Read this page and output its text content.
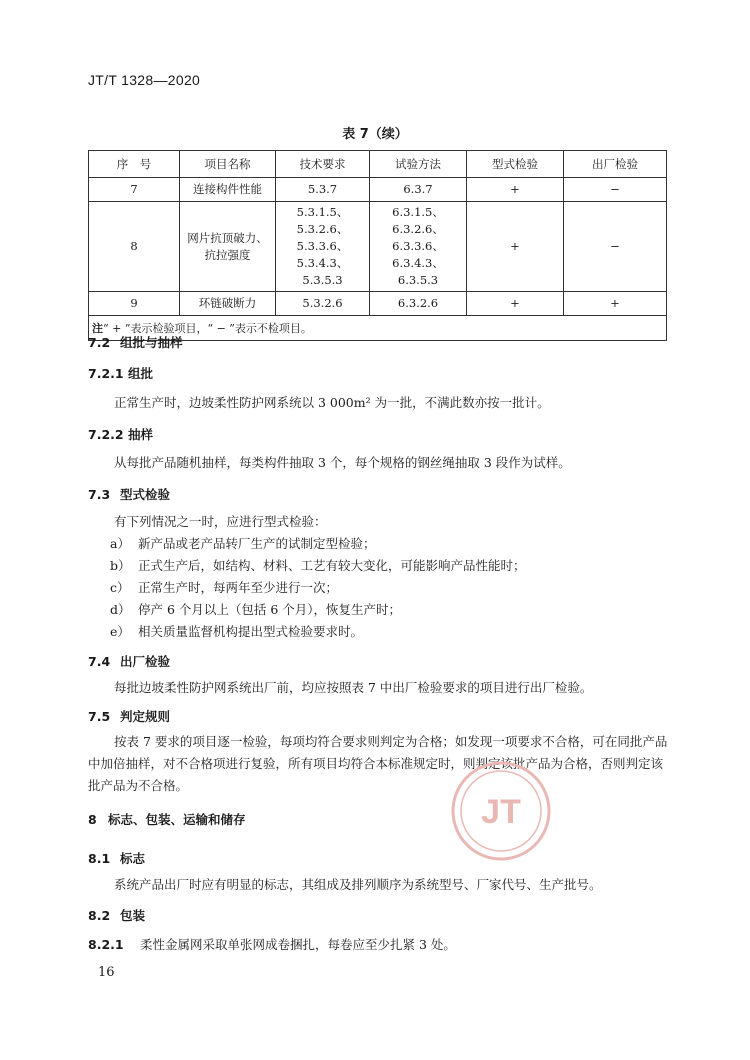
JT/T 1328—2020
表 7（续）
序　号	项目名称	技术要求	试验方法	型式检验	出厂检验
7	连接构件性能	5.3.7	6.3.7	+	−
8	网片抗顶破力、抗拉强度	5.3.1.5、5.3.2.6、5.3.3.6、5.3.4.3、5.3.5.3	6.3.1.5、6.3.2.6、6.3.3.6、6.3.4.3、6.3.5.3	+	−
9	环链破断力	5.3.2.6	6.3.2.6	+	+
注“ + ”表示检验项目，“ − ”表示不检项目。					
7.2 组批与抽样
7.2.1 组批
正常生产时，边坡柔性防护网系统以 3 000m² 为一批，不满此数亦按一批计。
7.2.2 抽样
从每批产品随机抽样，每类构件抽取 3 个，每个规格的钢丝绳抽取 3 段作为试样。
7.3 型式检验
有下列情况之一时，应进行型式检验：
a） 新产品或老产品转厂生产的试制定型检验；
b） 正式生产后，如结构、材料、工艺有较大变化，可能影响产品性能时；
c） 正常生产时，每两年至少进行一次；
d） 停产 6 个月以上（包括 6 个月），恢复生产时；
e） 相关质量监督机构提出型式检验要求时。
7.4 出厂检验
每批边坡柔性防护网系统出厂前，均应按照表 7 中出厂检验要求的项目进行出厂检验。
7.5 判定规则
按表 7 要求的项目逐一检验，每项均符合要求则判定为合格；如发现一项要求不合格，可在同批产品中加倍抽样，对不合格项进行复验，所有项目均符合本标准规定时，则判定该批产品为合格，否则判定该批产品为不合格。
JT
8 标志、包装、运输和储存
8.1 标志
系统产品出厂时应有明显的标志，其组成及排列顺序为系统型号、厂家代号、生产批号。
8.2 包装
8.2.1 柔性金属网采取单张网成卷捆扎，每卷应至少扎紧 3 处。
16
